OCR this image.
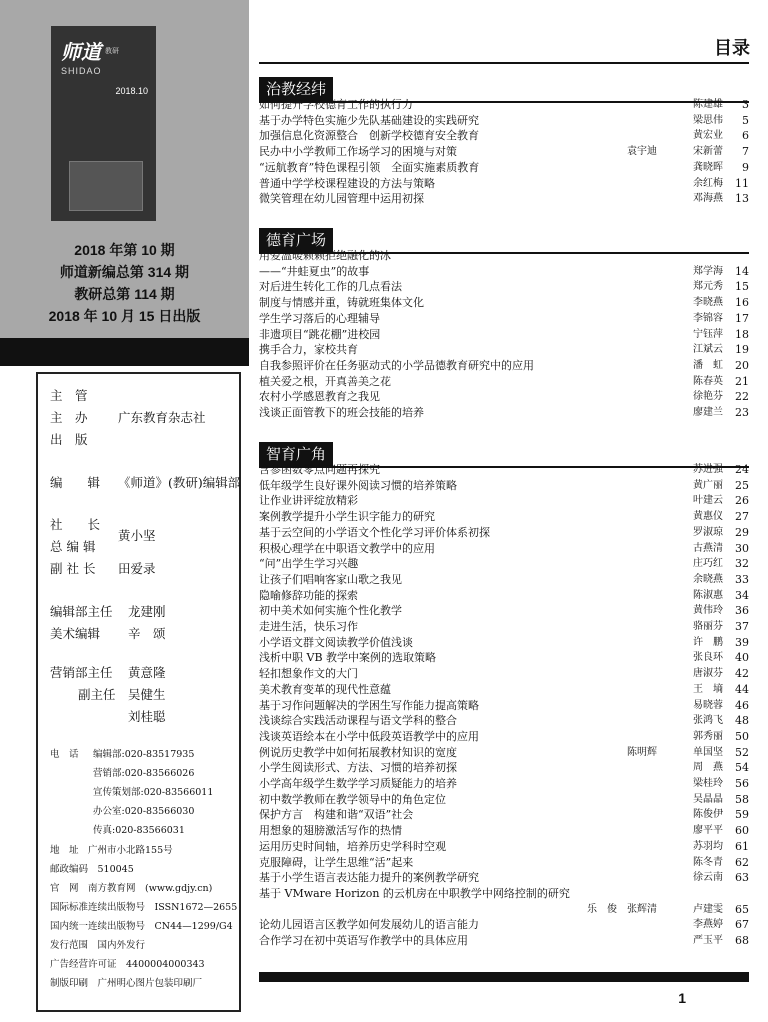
师道 教研
SHIDAO
2018.10
2018 年第 10 期
师道新编总第 314 期
教研总第 114 期
2018 年 10 月 15 日出版
主　管
主　办 广东教育杂志社
出　版
编　　辑 《师道》(教研)编辑部
社　　长
总 编 辑
黄小坚
副 社 长 田爱录
编辑部主任 龙建刚
美术编辑 辛　颂
营销部主任 黄意隆
副主任 吴健生
刘桂聪
电　话 编辑部:020-83517935
营销部:020-83566026
宣传策划部:020-83566011
办公室:020-83566030
传真:020-83566031
地　址　广州市小北路155号
邮政编码　510045
官　网　南方教育网　(www.gdjy.cn)
国际标准连续出版物号　ISSN1672—2655
国内统一连续出版物号　CN44—1299/G4
发行范围　国内外发行
广告经营许可证　4400004000343
制版印刷　广州明心图片包装印刷厂
目录
治教经纬
如何提升学校德育工作的执行力	陈建雄	3
基于办学特色实施少先队基础建设的实践研究	梁思伟	5
加强信息化资源整合　创新学校德育安全教育	黄宏业	6
民办中小学教师工作场学习的困境与对策	袁宇迪	宋新蕾	7
“远航教育”特色课程引领　全面实施素质教育	龚晓晖	9
普通中学学校课程建设的方法与策略	余红梅	11
微笑管理在幼儿园管理中运用初探	邓海燕	13
德育广场
用爱温暖颗颗拒绝融化的冰
——“井蛙夏虫”的故事	郑学海	14
对后进生转化工作的几点看法	郑元秀	15
制度与情感并重，铸就班集体文化	李晓燕	16
学生学习落后的心理辅导	李锦容	17
非遗项目“跳花棚”进校园	宁钰萍	18
携手合力，家校共育	江斌云	19
自我参照评价在任务驱动式的小学品德教育研究中的应用	潘　虹	20
植关爱之根，开真善美之花	陈春英	21
农村小学感恩教育之我见	徐艳芬	22
浅谈正面管教下的班会技能的培养	廖建兰	23
智育广角
含参函数零点问题再探究	苏进强	24
低年级学生良好课外阅读习惯的培养策略	黄广丽	25
让作业讲评绽放精彩	叶建云	26
案例教学提升小学生识字能力的研究	黄惠仪	27
基于云空间的小学语文个性化学习评价体系初探	罗淑琼	29
积极心理学在中职语文教学中的应用	古燕清	30
“问”出学生学习兴趣	庄巧红	32
让孩子们唱响客家山歌之我见	余晓燕	33
隐喻修辞功能的探索	陈淑惠	34
初中美术如何实施个性化教学	黄伟玲	36
走进生活，快乐习作	骆丽芬	37
小学语文群文阅读教学价值浅谈	许　鹏	39
浅析中职 VB 教学中案例的选取策略	张良环	40
轻扣想象作文的大门	唐淑芬	42
美术教育变革的现代性意蕴	王　墒	44
基于习作问题解决的学困生写作能力提高策略	易晓蓉	46
浅谈综合实践活动课程与语文学科的整合	张鸿飞	48
浅谈英语绘本在小学中低段英语教学中的应用	郭秀丽	50
例说历史教学中如何拓展教材知识的宽度	陈明辉	单国坚	52
小学生阅读形式、方法、习惯的培养初探	周　燕	54
小学高年级学生数学学习质疑能力的培养	梁桂玲	56
初中数学教师在教学领导中的角色定位	吴晶晶	58
保护方言　构建和谐“双语”社会	陈俊伊	59
用想象的翅膀激活写作的热情	廖平平	60
运用历史时间轴，培养历史学科时空观	苏羽均	61
克服障碍，让学生思维“活”起来	陈冬青	62
基于小学生语言表达能力提升的案例教学研究	徐云南	63
基于 VMware Horizon 的云机房在中职教学中网络控制的研究
乐　俊　张辉清	卢建雯	65
论幼儿园语言区教学如何发展幼儿的语言能力	李燕婷	67
合作学习在初中英语写作教学中的具体应用	严玉平	68
1
